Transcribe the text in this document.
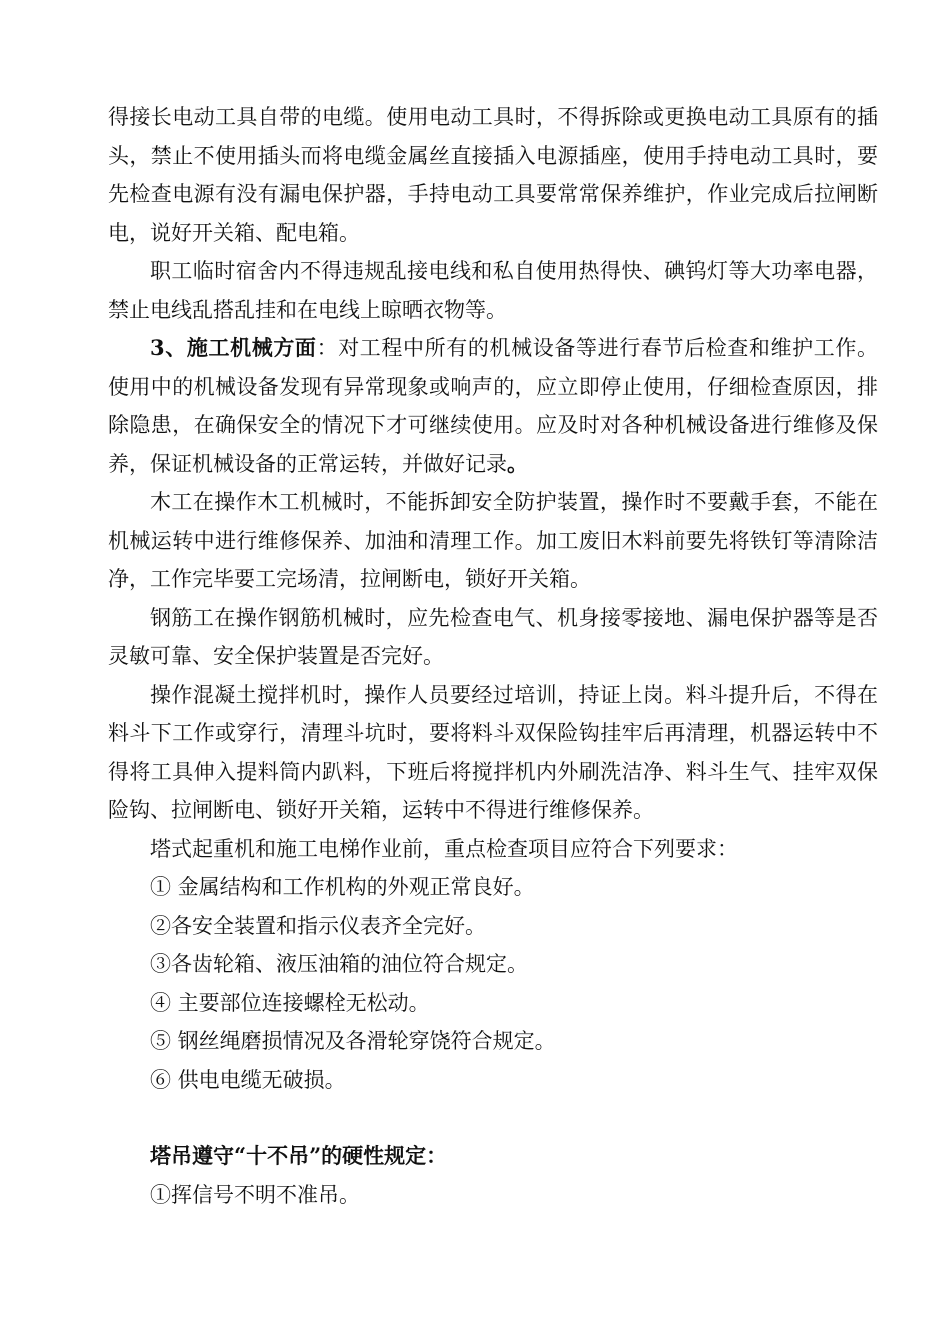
得接长电动工具自带的电缆。使用电动工具时，不得拆除或更换电动工具原有的插头，禁止不使用插头而将电缆金属丝直接插入电源插座，使用手持电动工具时，要先检查电源有没有漏电保护器，手持电动工具要常常保养维护，作业完成后拉闸断电，说好开关箱、配电箱。

职工临时宿舍内不得违规乱接电线和私自使用热得快、碘钨灯等大功率电器，禁止电线乱搭乱挂和在电线上晾晒衣物等。

3、施工机械方面：对工程中所有的机械设备等进行春节后检查和维护工作。使用中的机械设备发现有异常现象或响声的，应立即停止使用，仔细检查原因，排除隐患，在确保安全的情况下才可继续使用。应及时对各种机械设备进行维修及保养，保证机械设备的正常运转，并做好记录。

木工在操作木工机械时，不能拆卸安全防护装置，操作时不要戴手套，不能在机械运转中进行维修保养、加油和清理工作。加工废旧木料前要先将铁钉等清除洁净，工作完毕要工完场清，拉闸断电，锁好开关箱。

钢筋工在操作钢筋机械时，应先检查电气、机身接零接地、漏电保护器等是否灵敏可靠、安全保护装置是否完好。

操作混凝土搅拌机时，操作人员要经过培训，持证上岗。料斗提升后，不得在料斗下工作或穿行，清理斗坑时，要将料斗双保险钩挂牢后再清理，机器运转中不得将工具伸入提料筒内趴料，下班后将搅拌机内外刷洗洁净、料斗生气、挂牢双保险钩、拉闸断电、锁好开关箱，运转中不得进行维修保养。

塔式起重机和施工电梯作业前，重点检查项目应符合下列要求：

① 金属结构和工作机构的外观正常良好。

②各安全装置和指示仪表齐全完好。

③各齿轮箱、液压油箱的油位符合规定。

④ 主要部位连接螺栓无松动。

⑤ 钢丝绳磨损情况及各滑轮穿饶符合规定。

⑥ 供电电缆无破损。

塔吊遵守“十不吊”的硬性规定：

①挥信号不明不准吊。
